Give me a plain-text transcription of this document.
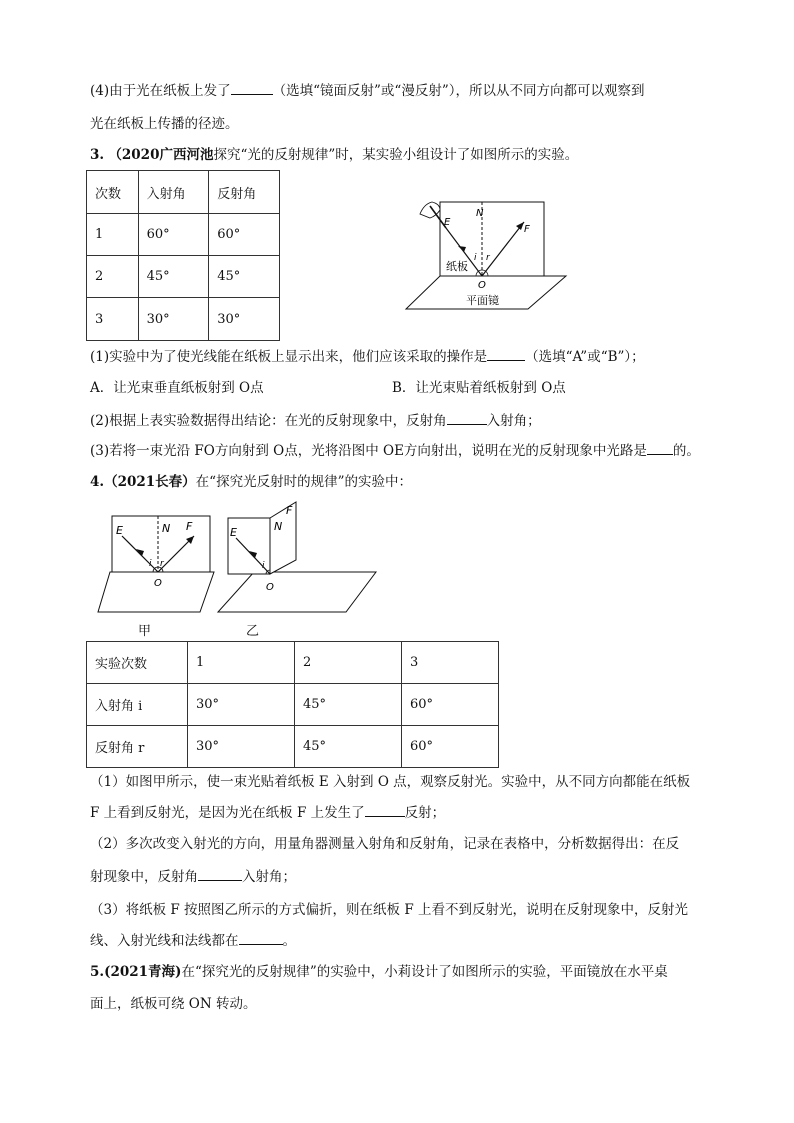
(4)由于光在纸板上发了	（选填“镜面反射”或“漫反射”），所以从不同方向都可以观察到
光在纸板上传播的径迹。
3. （2020广西河池探究“光的反射规律”时，某实验小组设计了如图所示的实验。
次数	入射角	反射角
1	60°	60°
2	45°	45°
3	30°	30°
E
N
F
i r
O
纸板
平面镜
(1)实验中为了使光线能在纸板上显示出来，他们应该采取的操作是	（选填“A”或“B”）；
A．让光束垂直纸板射到 O点	B．让光束贴着纸板射到 O点
(2)根据上表实验数据得出结论：在光的反射现象中，反射角	入射角；
(3)若将一束光沿 FO方向射到 O点，光将沿图中 OE方向射出，说明在光的反射现象中光路是 的。
4.（2021长春）在“探究光反射时的规律”的实验中：
E	N F
i r
O
E	N
F
i
O
甲	乙
实验次数	1	2	3
入射角 i	30°	45°	60°
反射角 r	30°	45°	60°
（1）如图甲所示，使一束光贴着纸板 E 入射到 O 点，观察反射光。实验中，从不同方向都能在纸板
F 上看到反射光，是因为光在纸板 F 上发生了	反射；
（2）多次改变入射光的方向，用量角器测量入射角和反射角，记录在表格中，分析数据得出：在反
射现象中，反射角	入射角；
（3）将纸板 F 按照图乙所示的方式偏折，则在纸板 F 上看不到反射光，说明在反射现象中，反射光
线、入射光线和法线都在	。
5.(2021青海)在“探究光的反射规律”的实验中，小莉设计了如图所示的实验，平面镜放在水平桌
面上，纸板可绕 ON 转动。
